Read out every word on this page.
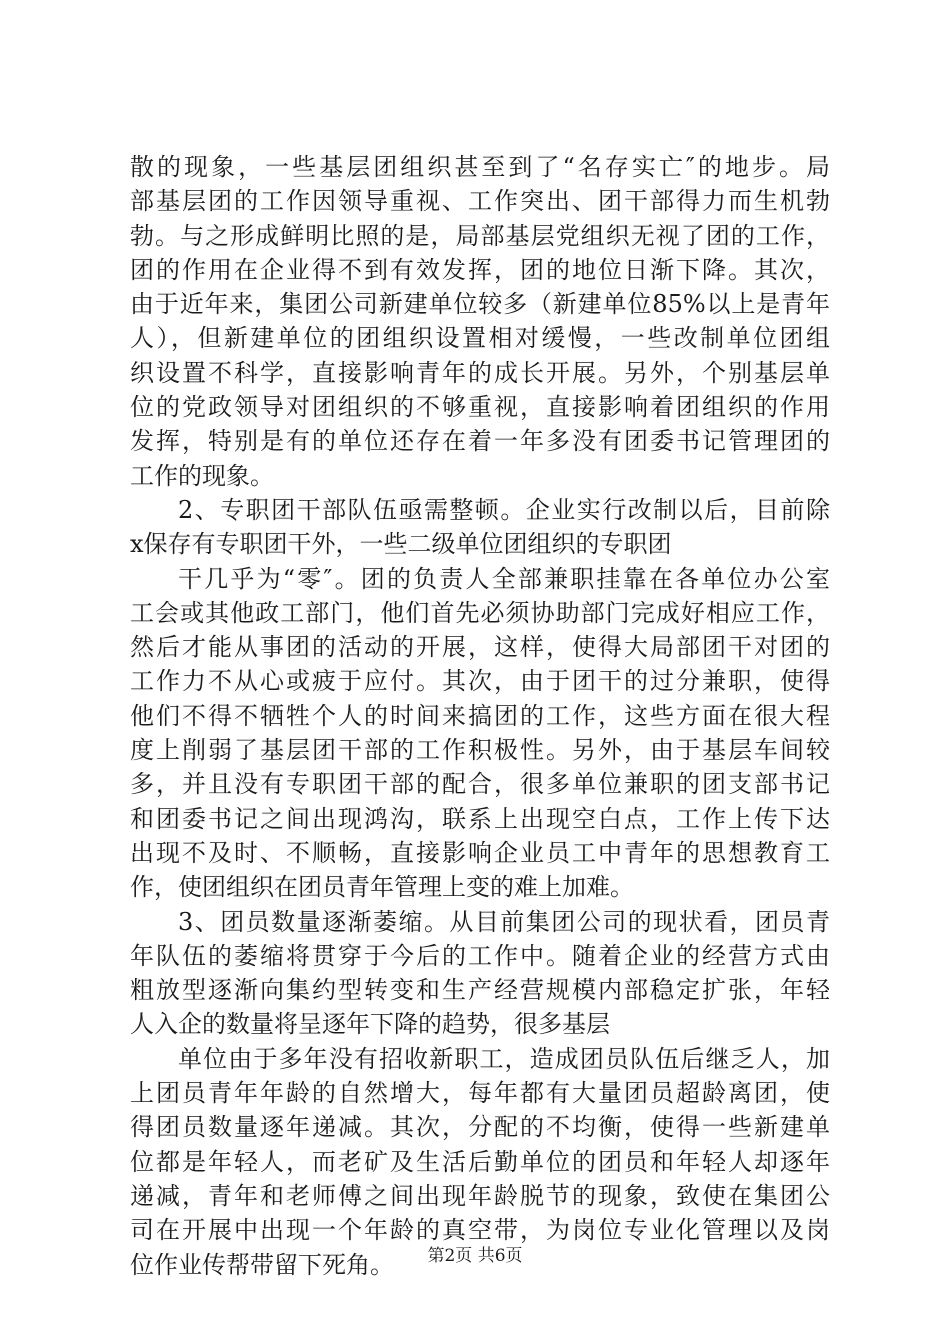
散的现象，一些基层团组织甚至到了“名存实亡″的地步。局
部基层团的工作因领导重视、工作突出、团干部得力而生机勃
勃。与之形成鲜明比照的是，局部基层党组织无视了团的工作，
团的作用在企业得不到有效发挥，团的地位日渐下降。其次，
由于近年来，集团公司新建单位较多（新建单位85%以上是青年
人），但新建单位的团组织设置相对缓慢，一些改制单位团组
织设置不科学，直接影响青年的成长开展。另外，个别基层单
位的党政领导对团组织的不够重视，直接影响着团组织的作用
发挥，特别是有的单位还存在着一年多没有团委书记管理团的
工作的现象。
2、专职团干部队伍亟需整顿。企业实行改制以后，目前除
x保存有专职团干外，一些二级单位团组织的专职团
干几乎为“零″。团的负责人全部兼职挂靠在各单位办公室
工会或其他政工部门，他们首先必须协助部门完成好相应工作，
然后才能从事团的活动的开展，这样，使得大局部团干对团的
工作力不从心或疲于应付。其次，由于团干的过分兼职，使得
他们不得不牺牲个人的时间来搞团的工作，这些方面在很大程
度上削弱了基层团干部的工作积极性。另外，由于基层车间较
多，并且没有专职团干部的配合，很多单位兼职的团支部书记
和团委书记之间出现鸿沟，联系上出现空白点，工作上传下达
出现不及时、不顺畅，直接影响企业员工中青年的思想教育工
作，使团组织在团员青年管理上变的难上加难。
3、团员数量逐渐萎缩。从目前集团公司的现状看，团员青
年队伍的萎缩将贯穿于今后的工作中。随着企业的经营方式由
粗放型逐渐向集约型转变和生产经营规模内部稳定扩张，年轻
人入企的数量将呈逐年下降的趋势，很多基层
单位由于多年没有招收新职工，造成团员队伍后继乏人，加
上团员青年年龄的自然增大，每年都有大量团员超龄离团，使
得团员数量逐年递减。其次，分配的不均衡，使得一些新建单
位都是年轻人，而老矿及生活后勤单位的团员和年轻人却逐年
递减，青年和老师傅之间出现年龄脱节的现象，致使在集团公
司在开展中出现一个年龄的真空带，为岗位专业化管理以及岗
位作业传帮带留下死角。	第2页 共6页
